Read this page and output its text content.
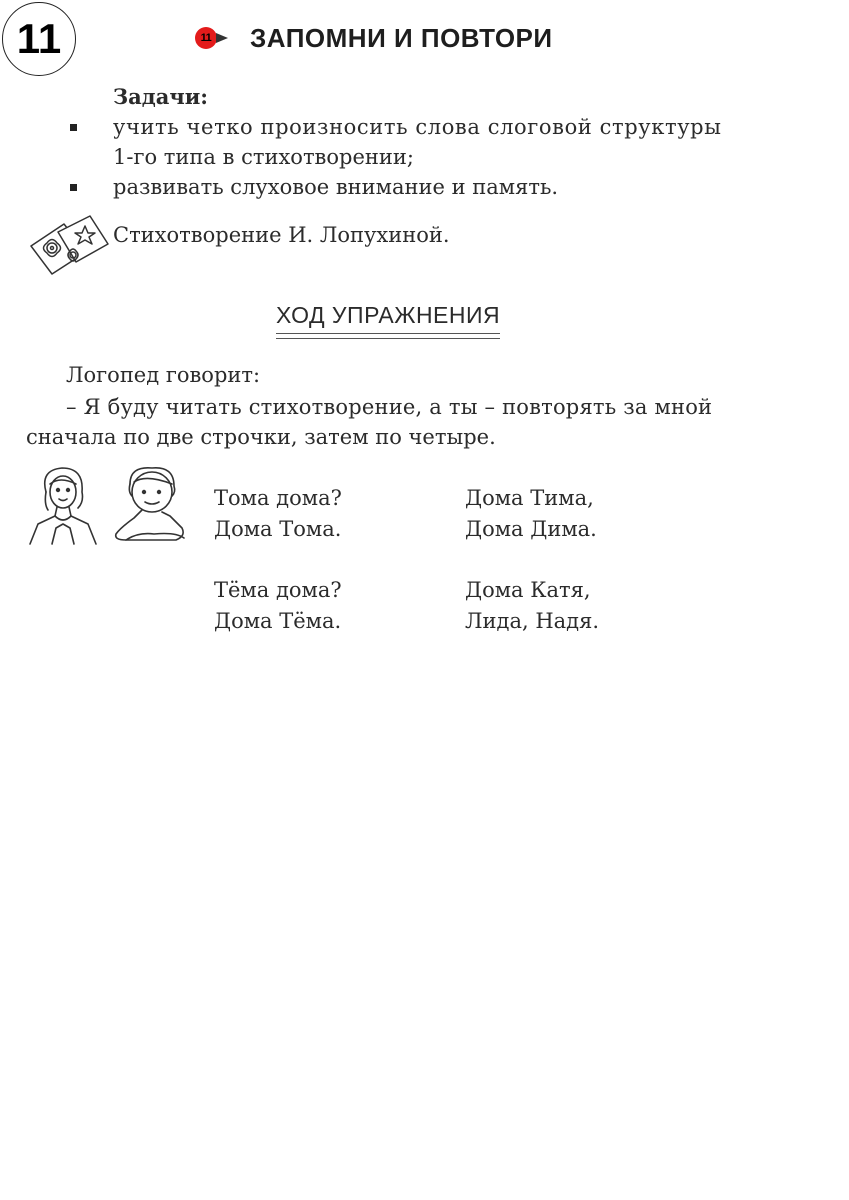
11	11 ЗАПОМНИ И ПОВТОРИ
Задачи:
учить четко произносить слова слоговой структуры
1-го типа в стихотворении;
развивать слуховое внимание и память.
Стихотворение И. Лопухиной.
ХОД УПРАЖНЕНИЯ
Логопед говорит:
– Я буду читать стихотворение, а ты – повторять за мной
сначала по две строчки, затем по четыре.
Тома дома?
Дома Тома.
Дома Тима,
Дома Дима.
Тёма дома?
Дома Тёма.
Дома Катя,
Лида, Надя.
